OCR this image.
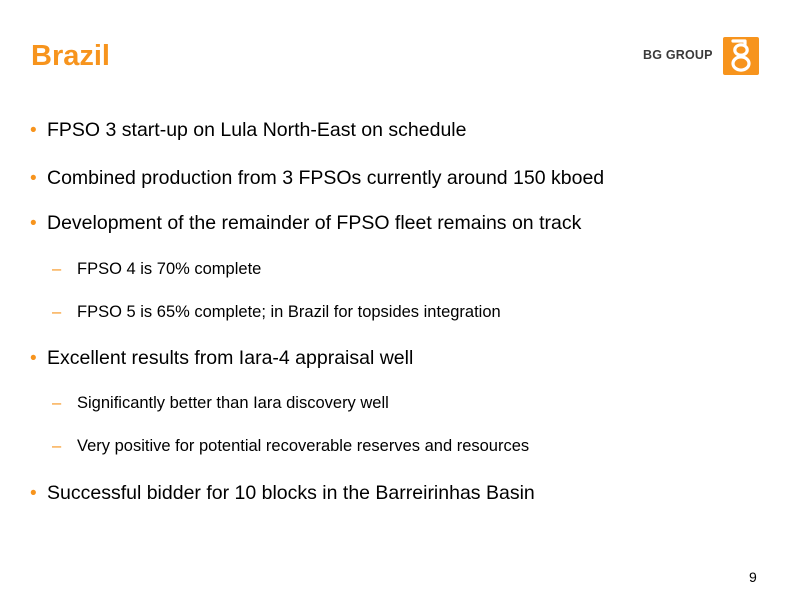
Brazil	BG GROUP
• FPSO 3 start-up on Lula North-East on schedule
• Combined production from 3 FPSOs currently around 150 kboed
• Development of the remainder of FPSO fleet remains on track
– FPSO 4 is 70% complete
– FPSO 5 is 65% complete; in Brazil for topsides integration
• Excellent results from Iara-4 appraisal well
– Significantly better than Iara discovery well
– Very positive for potential recoverable reserves and resources
• Successful bidder for 10 blocks in the Barreirinhas Basin
9
